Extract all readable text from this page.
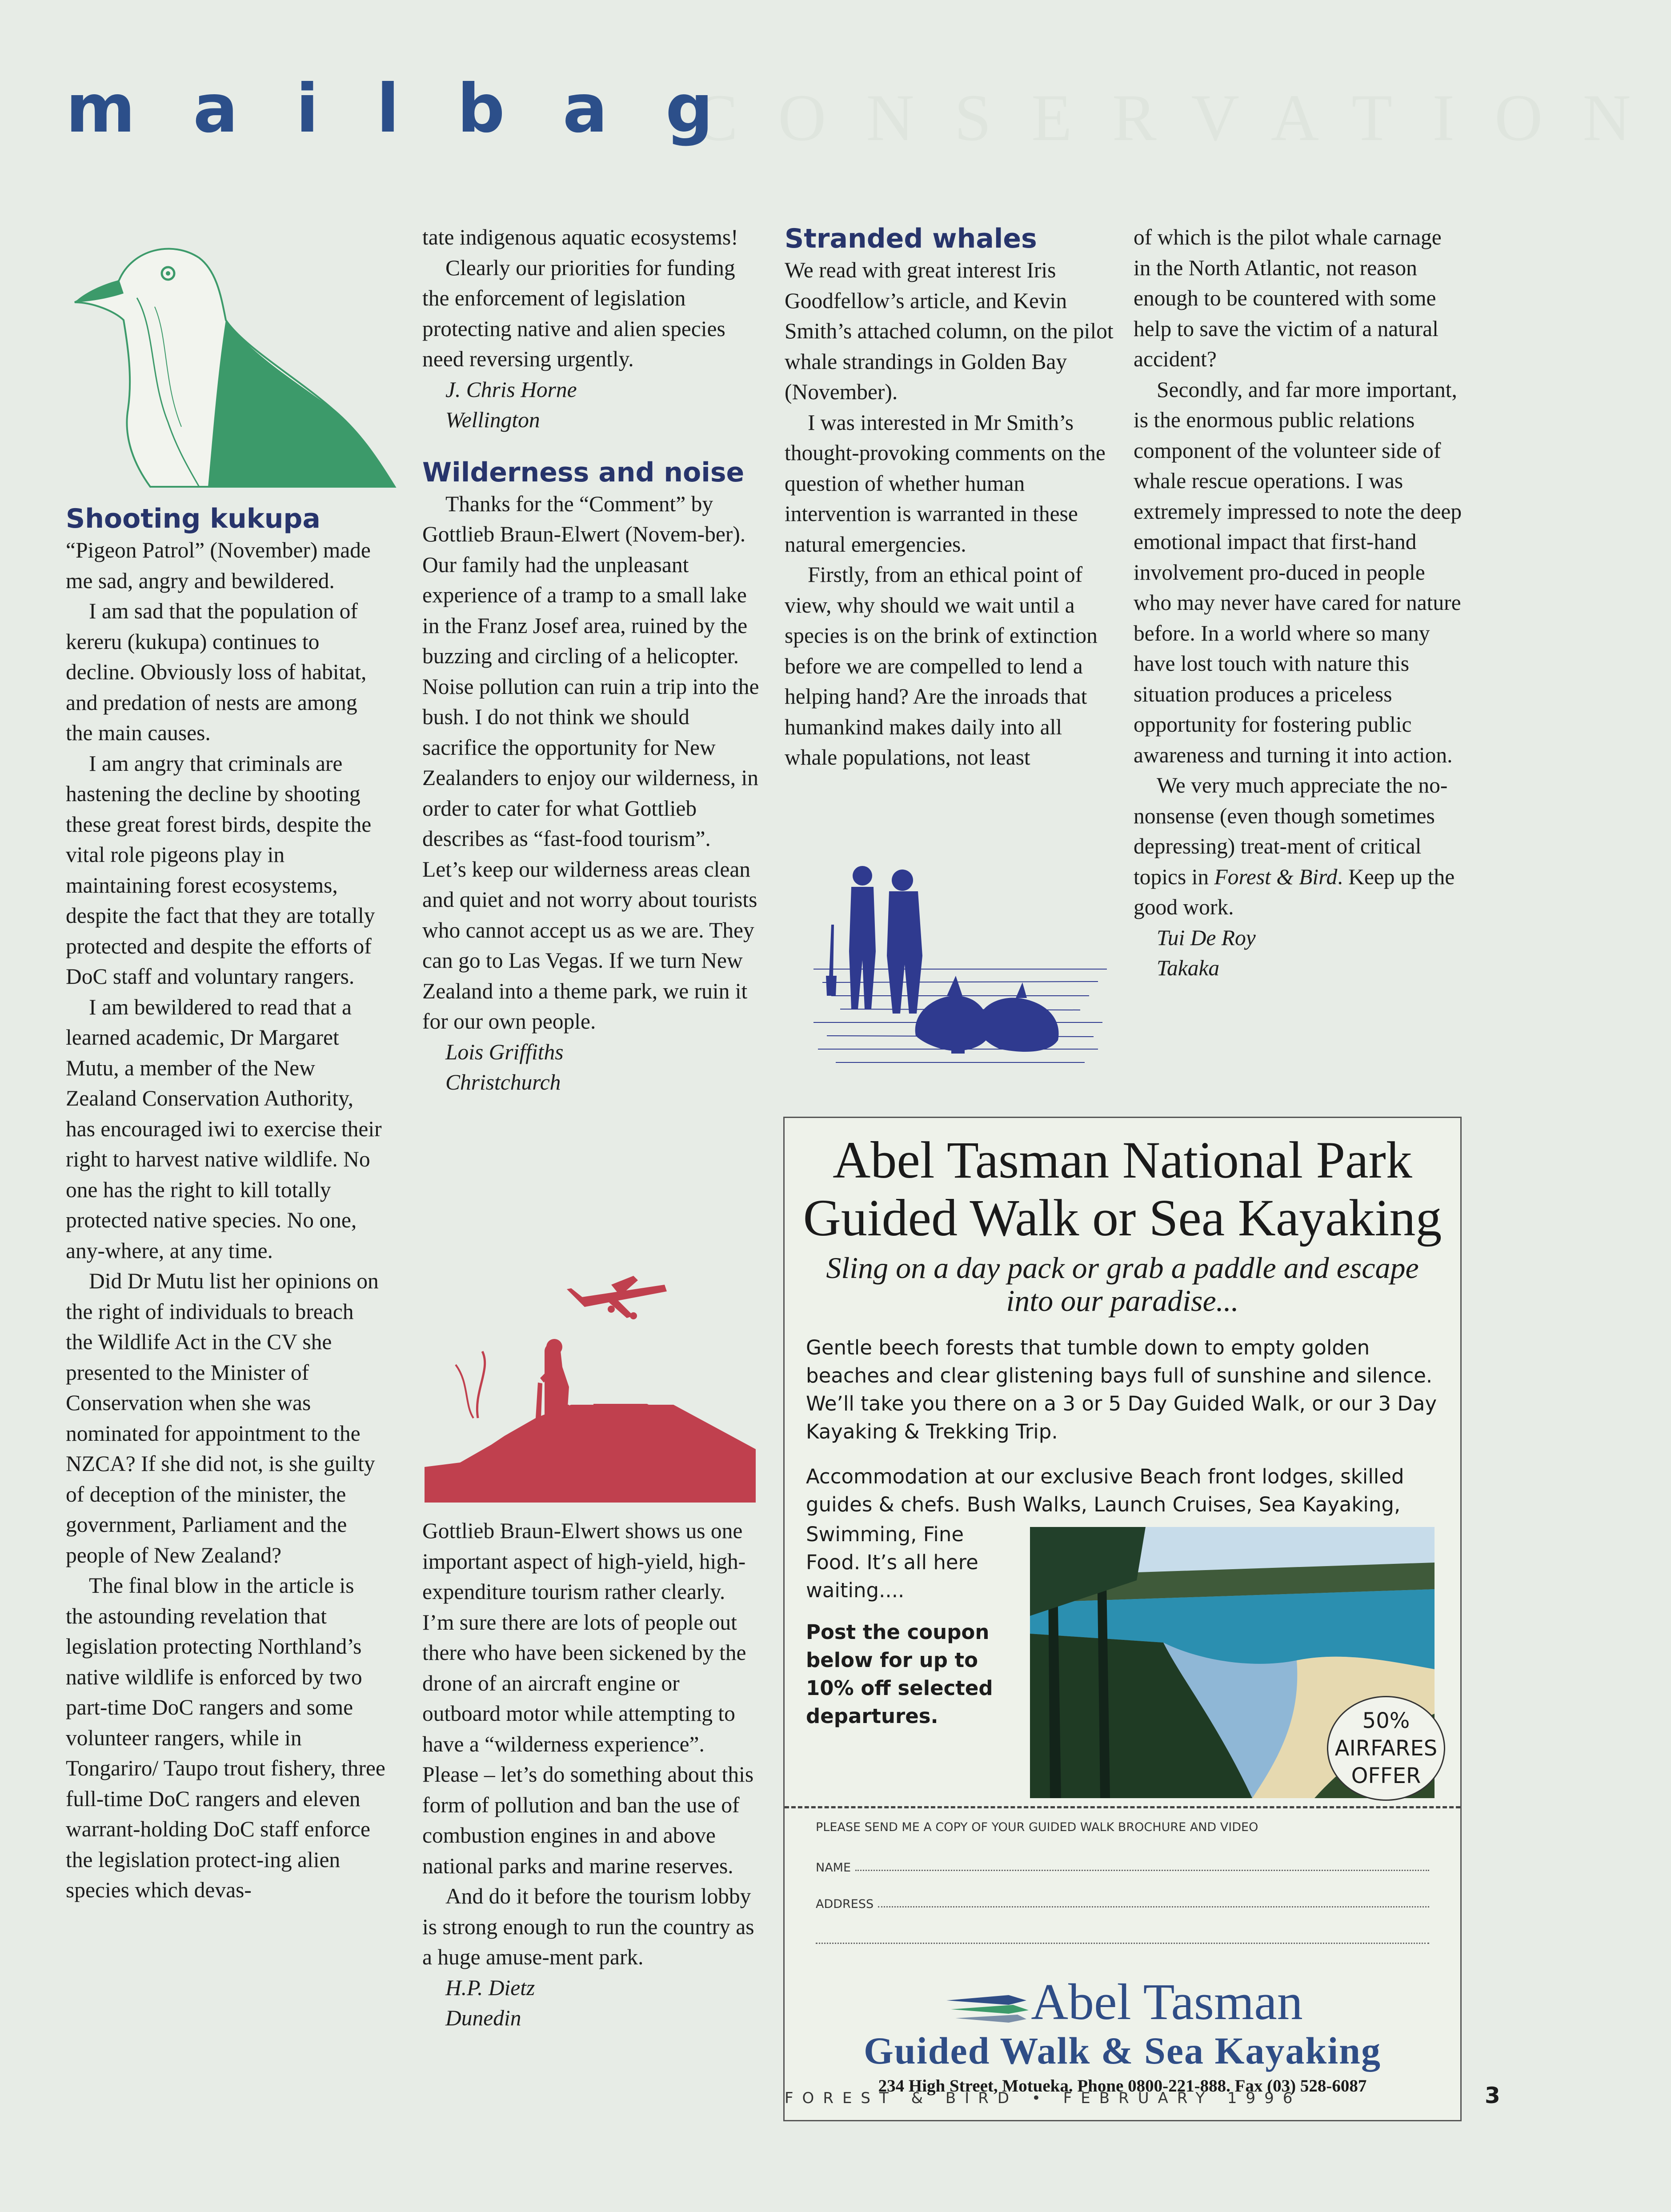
CONSERVATION
mailbag
Shooting kukupa

“Pigeon Patrol” (November) made me sad, angry and bewildered.

I am sad that the population of kereru (kukupa) continues to decline. Obviously loss of habitat, and predation of nests are among the main causes.

I am angry that criminals are hastening the decline by shooting these great forest birds, despite the vital role pigeons play in maintaining forest ecosystems, despite the fact that they are totally protected and despite the efforts of DoC staff and voluntary rangers.

I am bewildered to read that a learned academic, Dr Margaret Mutu, a member of the New Zealand Conservation Authority, has encouraged iwi to exercise their right to harvest native wildlife. No one has the right to kill totally protected native species. No one, any-where, at any time.

Did Dr Mutu list her opinions on the right of individuals to breach the Wildlife Act in the CV she presented to the Minister of Conservation when she was nominated for appointment to the NZCA? If she did not, is she guilty of deception of the minister, the government, Parliament and the people of New Zealand?

The final blow in the article is the astounding revelation that legislation protecting Northland’s native wildlife is enforced by two part-time DoC rangers and some volunteer rangers, while in Tongariro/ Taupo trout fishery, three full-time DoC rangers and eleven warrant-holding DoC staff enforce the legislation protect-ing alien species which devas-

tate indigenous aquatic ecosystems!

Clearly our priorities for funding the enforcement of legislation protecting native and alien species need reversing urgently.

J. Chris Horne

Wellington

Wilderness and noise

Thanks for the “Comment” by Gottlieb Braun-Elwert (Novem-ber). Our family had the unpleasant experience of a tramp to a small lake in the Franz Josef area, ruined by the buzzing and circling of a helicopter. Noise pollution can ruin a trip into the bush. I do not think we should sacrifice the opportunity for New Zealanders to enjoy our wilderness, in order to cater for what Gottlieb describes as “fast-food tourism”. Let’s keep our wilderness areas clean and quiet and not worry about tourists who cannot accept us as we are. They can go to Las Vegas. If we turn New Zealand into a theme park, we ruin it for our own people.

Lois Griffiths

Christchurch

Gottlieb Braun-Elwert shows us one important aspect of high-yield, high-expenditure tourism rather clearly. I’m sure there are lots of people out there who have been sickened by the drone of an aircraft engine or outboard motor while attempting to have a “wilderness experience”. Please – let’s do something about this form of pollution and ban the use of combustion engines in and above national parks and marine reserves.

And do it before the tourism lobby is strong enough to run the country as a huge amuse-ment park.

H.P. Dietz

Dunedin

Stranded whales

We read with great interest Iris Goodfellow’s article, and Kevin Smith’s attached column, on the pilot whale strandings in Golden Bay (November).

I was interested in Mr Smith’s thought-provoking comments on the question of whether human intervention is warranted in these natural emergencies.

Firstly, from an ethical point of view, why should we wait until a species is on the brink of extinction before we are compelled to lend a helping hand? Are the inroads that humankind makes daily into all whale populations, not least

of which is the pilot whale carnage in the North Atlantic, not reason enough to be countered with some help to save the victim of a natural accident?

Secondly, and far more important, is the enormous public relations component of the volunteer side of whale rescue operations. I was extremely impressed to note the deep emotional impact that first-hand involvement pro-duced in people who may never have cared for nature before. In a world where so many have lost touch with nature this situation produces a priceless opportunity for fostering public awareness and turning it into action.

We very much appreciate the no-nonsense (even though sometimes depressing) treat-ment of critical topics in Forest & Bird. Keep up the good work.

Tui De Roy

Takaka

Abel Tasman National Park
Guided Walk or Sea Kayaking
Sling on a day pack or grab a paddle and escape into our paradise...
Gentle beech forests that tumble down to empty golden beaches and clear glistening bays full of sunshine and silence. We’ll take you there on a 3 or 5 Day Guided Walk, or our 3 Day Kayaking & Trekking Trip.
Accommodation at our exclusive Beach front lodges, skilled guides & chefs. Bush Walks, Launch Cruises, Sea Kayaking,
Swimming, Fine Food. It’s all here waiting....
Post the coupon below for up to 10% off selected departures.	50%
AIRFARES
OFFER
PLEASE SEND ME A COPY OF YOUR GUIDED WALK BROCHURE AND VIDEO
NAME
ADDRESS
Abel Tasman
Guided Walk & Sea Kayaking
234 High Street, Motueka. Phone 0800-221-888. Fax (03) 528-6087
FOREST & BIRD • FEBRUARY 1996	3
